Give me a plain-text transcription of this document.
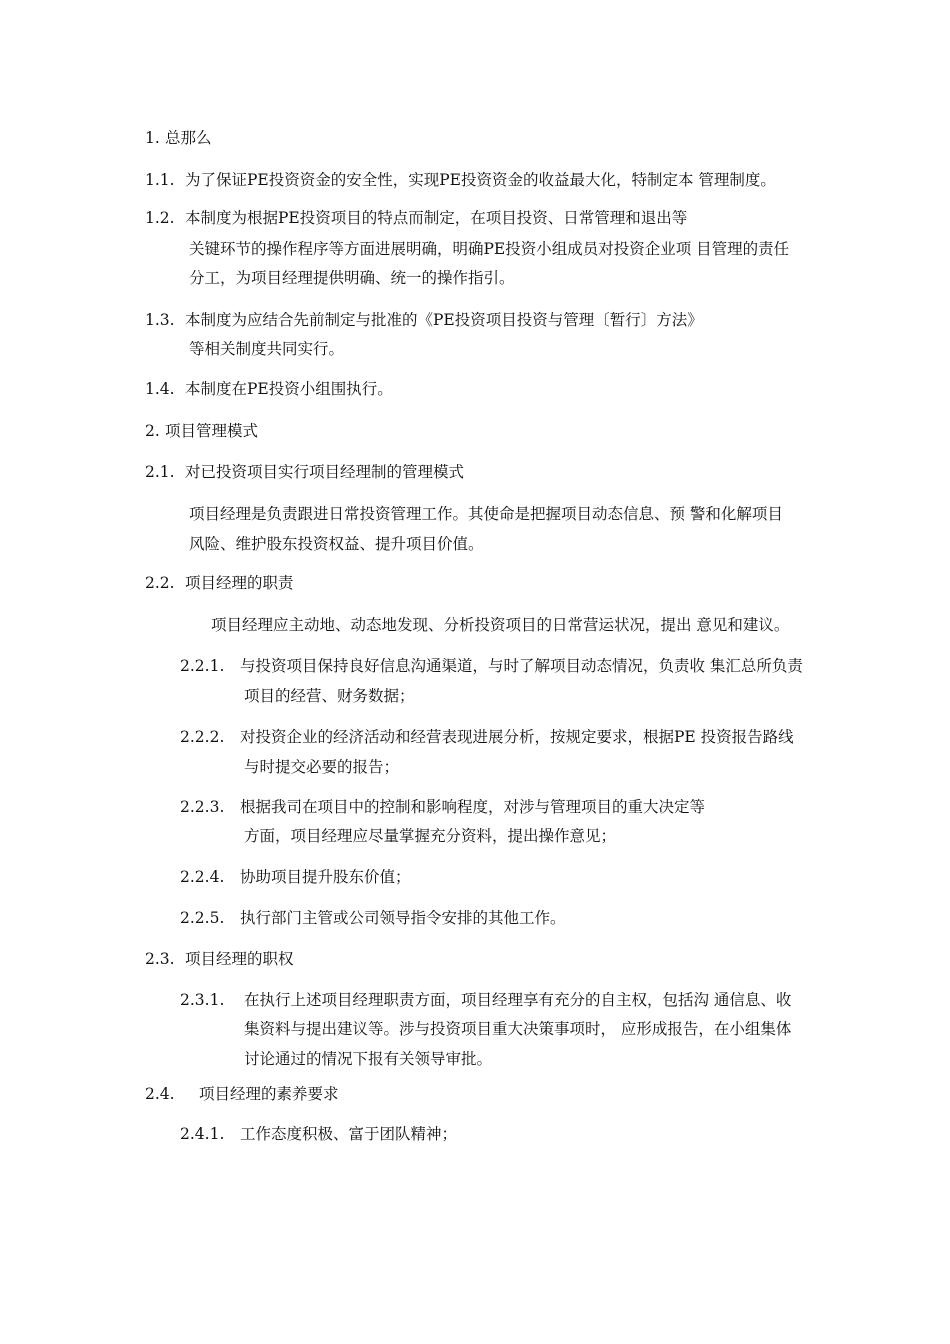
1. 总那么
1.1. 为了保证PE投资资金的安全性，实现PE投资资金的收益最大化，特制定本 管理制度。
1.2. 本制度为根据PE投资项目的特点而制定，在项目投资、日常管理和退出等
关键环节的操作程序等方面进展明确，明确PE投资小组成员对投资企业项 目管理的责任
分工，为项目经理提供明确、统一的操作指引。
1.3. 本制度为应结合先前制定与批准的《PE投资项目投资与管理〔暂行〕方法》
等相关制度共同实行。
1.4. 本制度在PE投资小组围执行。
2. 项目管理模式
2.1. 对已投资项目实行项目经理制的管理模式
项目经理是负责跟进日常投资管理工作。其使命是把握项目动态信息、预 警和化解项目
风险、维护股东投资权益、提升项目价值。
2.2. 项目经理的职责
项目经理应主动地、动态地发现、分析投资项目的日常营运状况，提出 意见和建议。
2.2.1. 与投资项目保持良好信息沟通渠道，与时了解项目动态情况，负责收 集汇总所负责
项目的经营、财务数据；
2.2.2. 对投资企业的经济活动和经营表现进展分析，按规定要求，根据PE 投资报告路线
与时提交必要的报告；
2.2.3. 根据我司在项目中的控制和影响程度，对涉与管理项目的重大决定等
方面，项目经理应尽量掌握充分资料，提出操作意见；
2.2.4. 协助项目提升股东价值；
2.2.5. 执行部门主管或公司领导指令安排的其他工作。
2.3. 项目经理的职权
2.3.1. 在执行上述项目经理职责方面，项目经理享有充分的自主权，包括沟 通信息、收
集资料与提出建议等。涉与投资项目重大决策事项时， 应形成报告，在小组集体
讨论通过的情况下报有关领导审批。
2.4. 项目经理的素养要求
2.4.1. 工作态度积极、富于团队精神；
